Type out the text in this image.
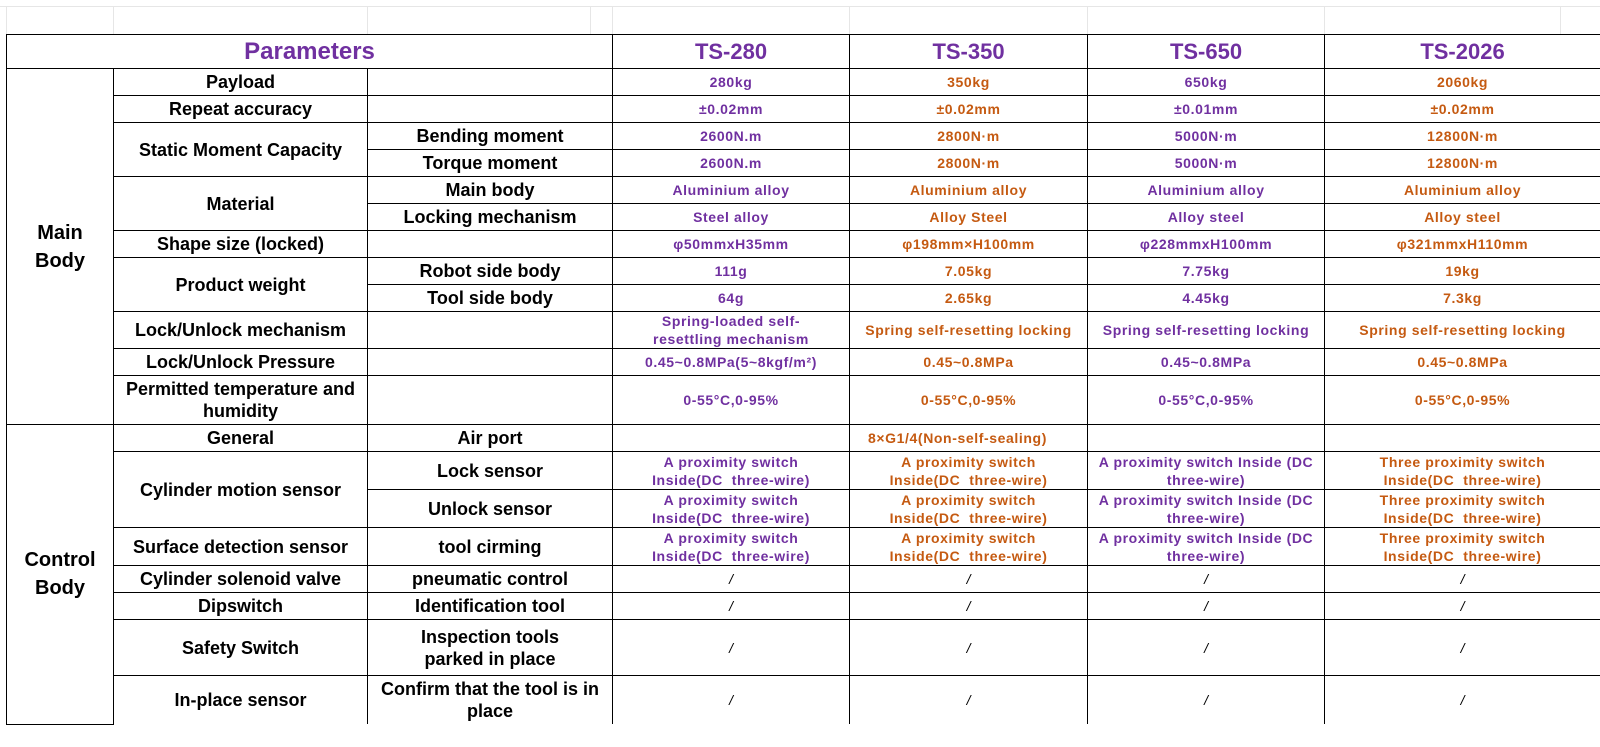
Parameters			TS-280	TS-350	TS-650	TS-2026
Main Body	Payload		280kg	350kg	650kg	2060kg
	Repeat accuracy		±0.02mm	±0.02mm	±0.01mm	±0.02mm
	Static Moment Capacity	Bending moment	2600N.m	2800N·m	5000N·m	12800N·m
		Torque moment	2600N.m	2800N·m	5000N·m	12800N·m
	Material	Main body	Aluminium alloy	Aluminium alloy	Aluminium alloy	Aluminium alloy
		Locking mechanism	Steel alloy	Alloy Steel	Alloy steel	Alloy steel
	Shape size (locked)		φ50mmxH35mm	φ198mm×H100mm	φ228mmxH100mm	φ321mmxH110mm
	Product weight	Robot side body	111g	7.05kg	7.75kg	19kg
		Tool side body	64g	2.65kg	4.45kg	7.3kg
	Lock/Unlock mechanism		Spring-loaded self-resettling mechanism	Spring self-resetting locking	Spring self-resetting locking	Spring self-resetting locking
	Lock/Unlock Pressure		0.45~0.8MPa(5~8kgf/m²)	0.45~0.8MPa	0.45~0.8MPa	0.45~0.8MPa

	Permitted temperature and humidity		0-55°C,0-95%	0-55°C,0-95%	0-55°C,0-95%	0-55°C,0-95%
Control Body	General	Air port		8×G1/4(Non-self-sealing)		
	Cylinder motion sensor	Lock sensor	A proximity switch Inside(DC  three-wire)	A proximity switch Inside(DC  three-wire)	A proximity switch Inside (DC  three-wire)	Three proximity switch Inside(DC  three-wire)

		Unlock sensor	A proximity switch Inside(DC  three-wire)	A proximity switch Inside(DC  three-wire)	A proximity switch Inside (DC  three-wire)	Three proximity switch Inside(DC  three-wire)

	Surface detection sensor	tool cirming	A proximity switch Inside(DC  three-wire)	A proximity switch Inside(DC  three-wire)	A proximity switch Inside (DC  three-wire)	Three proximity switch Inside(DC  three-wire)

	Cylinder solenoid valve	pneumatic control	/	/	/	/
	Dipswitch	Identification tool	/	/	/	/
	Safety Switch	Inspection tools parked in place	/	/	/	/
	In-place sensor	Confirm that the tool is in place	/	/	/	/
